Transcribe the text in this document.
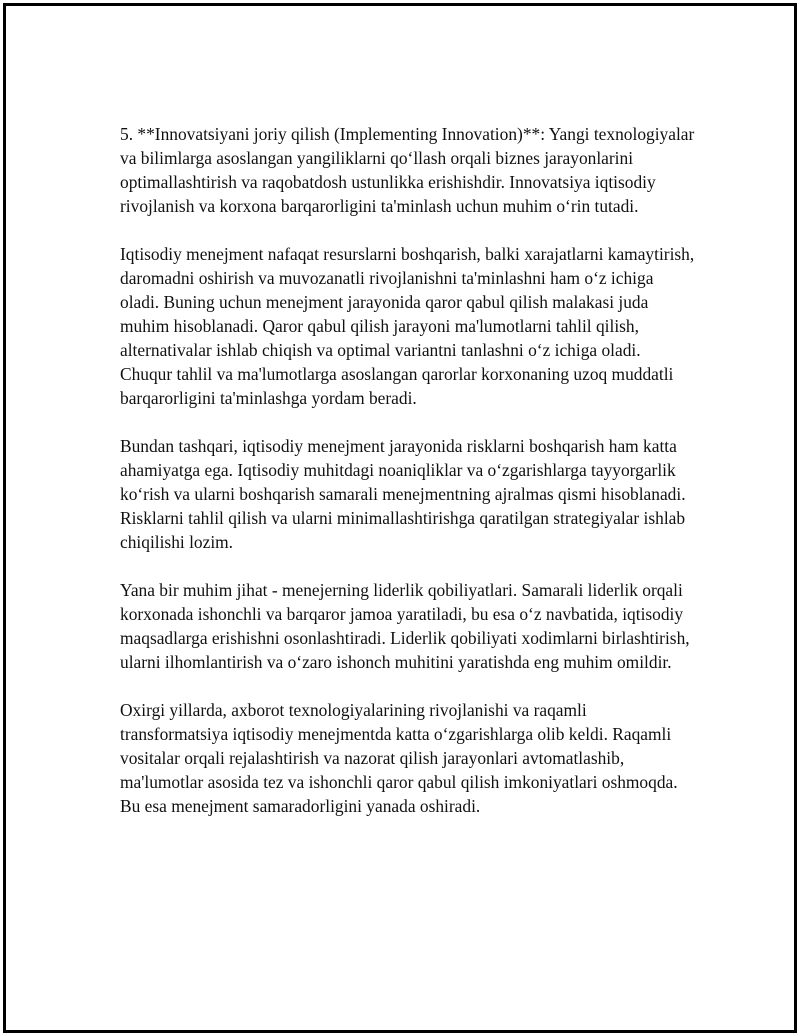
5. **Innovatsiyani joriy qilish (Implementing Innovation)**: Yangi texnologiyalar va bilimlarga asoslangan yangiliklarni qo‘llash orqali biznes jarayonlarini optimallashtirish va raqobatdosh ustunlikka erishishdir. Innovatsiya iqtisodiy rivojlanish va korxona barqarorligini ta'minlash uchun muhim o‘rin tutadi.

Iqtisodiy menejment nafaqat resurslarni boshqarish, balki xarajatlarni kamaytirish, daromadni oshirish va muvozanatli rivojlanishni ta'minlashni ham o‘z ichiga oladi. Buning uchun menejment jarayonida qaror qabul qilish malakasi juda muhim hisoblanadi. Qaror qabul qilish jarayoni ma'lumotlarni tahlil qilish, alternativalar ishlab chiqish va optimal variantni tanlashni o‘z ichiga oladi. Chuqur tahlil va ma'lumotlarga asoslangan qarorlar korxonaning uzoq muddatli barqarorligini ta'minlashga yordam beradi.

Bundan tashqari, iqtisodiy menejment jarayonida risklarni boshqarish ham katta ahamiyatga ega. Iqtisodiy muhitdagi noaniqliklar va o‘zgarishlarga tayyorgarlik ko‘rish va ularni boshqarish samarali menejmentning ajralmas qismi hisoblanadi. Risklarni tahlil qilish va ularni minimallashtirishga qaratilgan strategiyalar ishlab chiqilishi lozim.

Yana bir muhim jihat - menejerning liderlik qobiliyatlari. Samarali liderlik orqali korxonada ishonchli va barqaror jamoa yaratiladi, bu esa o‘z navbatida, iqtisodiy maqsadlarga erishishni osonlashtiradi. Liderlik qobiliyati xodimlarni birlashtirish, ularni ilhomlantirish va o‘zaro ishonch muhitini yaratishda eng muhim omildir.

Oxirgi yillarda, axborot texnologiyalarining rivojlanishi va raqamli transformatsiya iqtisodiy menejmentda katta o‘zgarishlarga olib keldi. Raqamli vositalar orqali rejalashtirish va nazorat qilish jarayonlari avtomatlashib, ma'lumotlar asosida tez va ishonchli qaror qabul qilish imkoniyatlari oshmoqda. Bu esa menejment samaradorligini yanada oshiradi.
